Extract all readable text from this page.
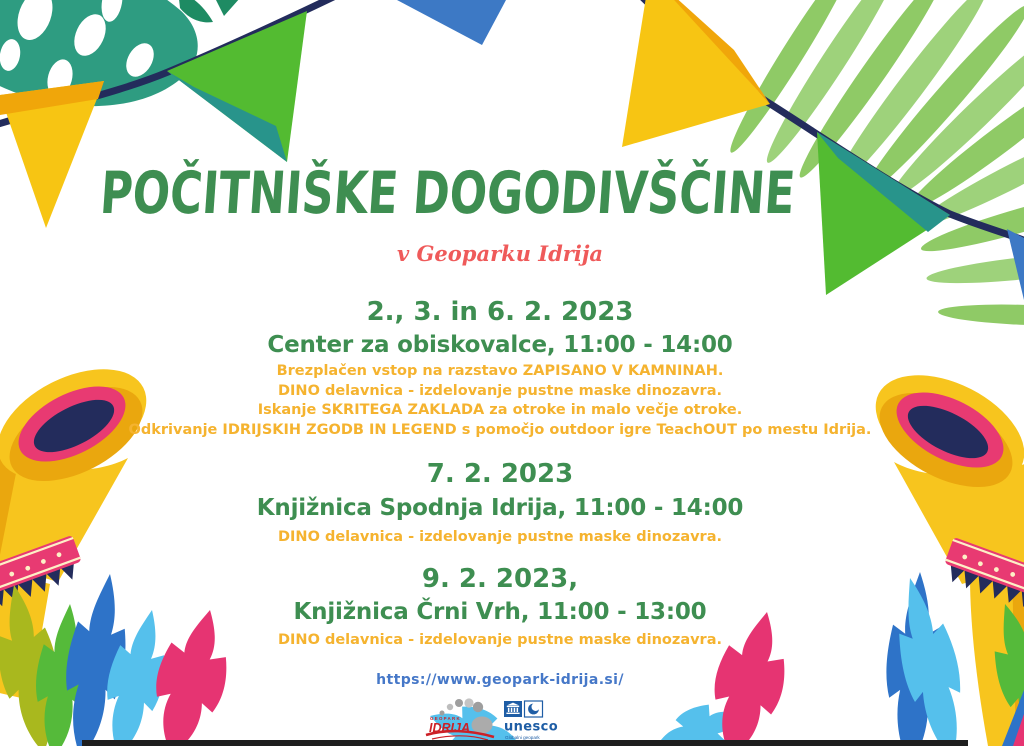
POČITNIŠKE DOGODIVŠČINE
v Geoparku Idrija
2., 3. in 6. 2. 2023
Center za obiskovalce, 11:00 - 14:00
Brezplačen vstop na razstavo ZAPISANO V KAMNINAH.
DINO delavnica - izdelovanje pustne maske dinozavra.
Iskanje SKRITEGA ZAKLADA za otroke in malo večje otroke.
Odkrivanje IDRIJSKIH ZGODB IN LEGEND s pomočjo outdoor igre TeachOUT po mestu Idrija.
7. 2. 2023
Knjižnica Spodnja Idrija, 11:00 - 14:00
DINO delavnica - izdelovanje pustne maske dinozavra.
9. 2. 2023,
Knjižnica Črni Vrh, 11:00 - 13:00
DINO delavnica - izdelovanje pustne maske dinozavra.
https://www.geopark-idrija.si/
GEOPARK
IDRIJA	unesco
Globalni geopark
